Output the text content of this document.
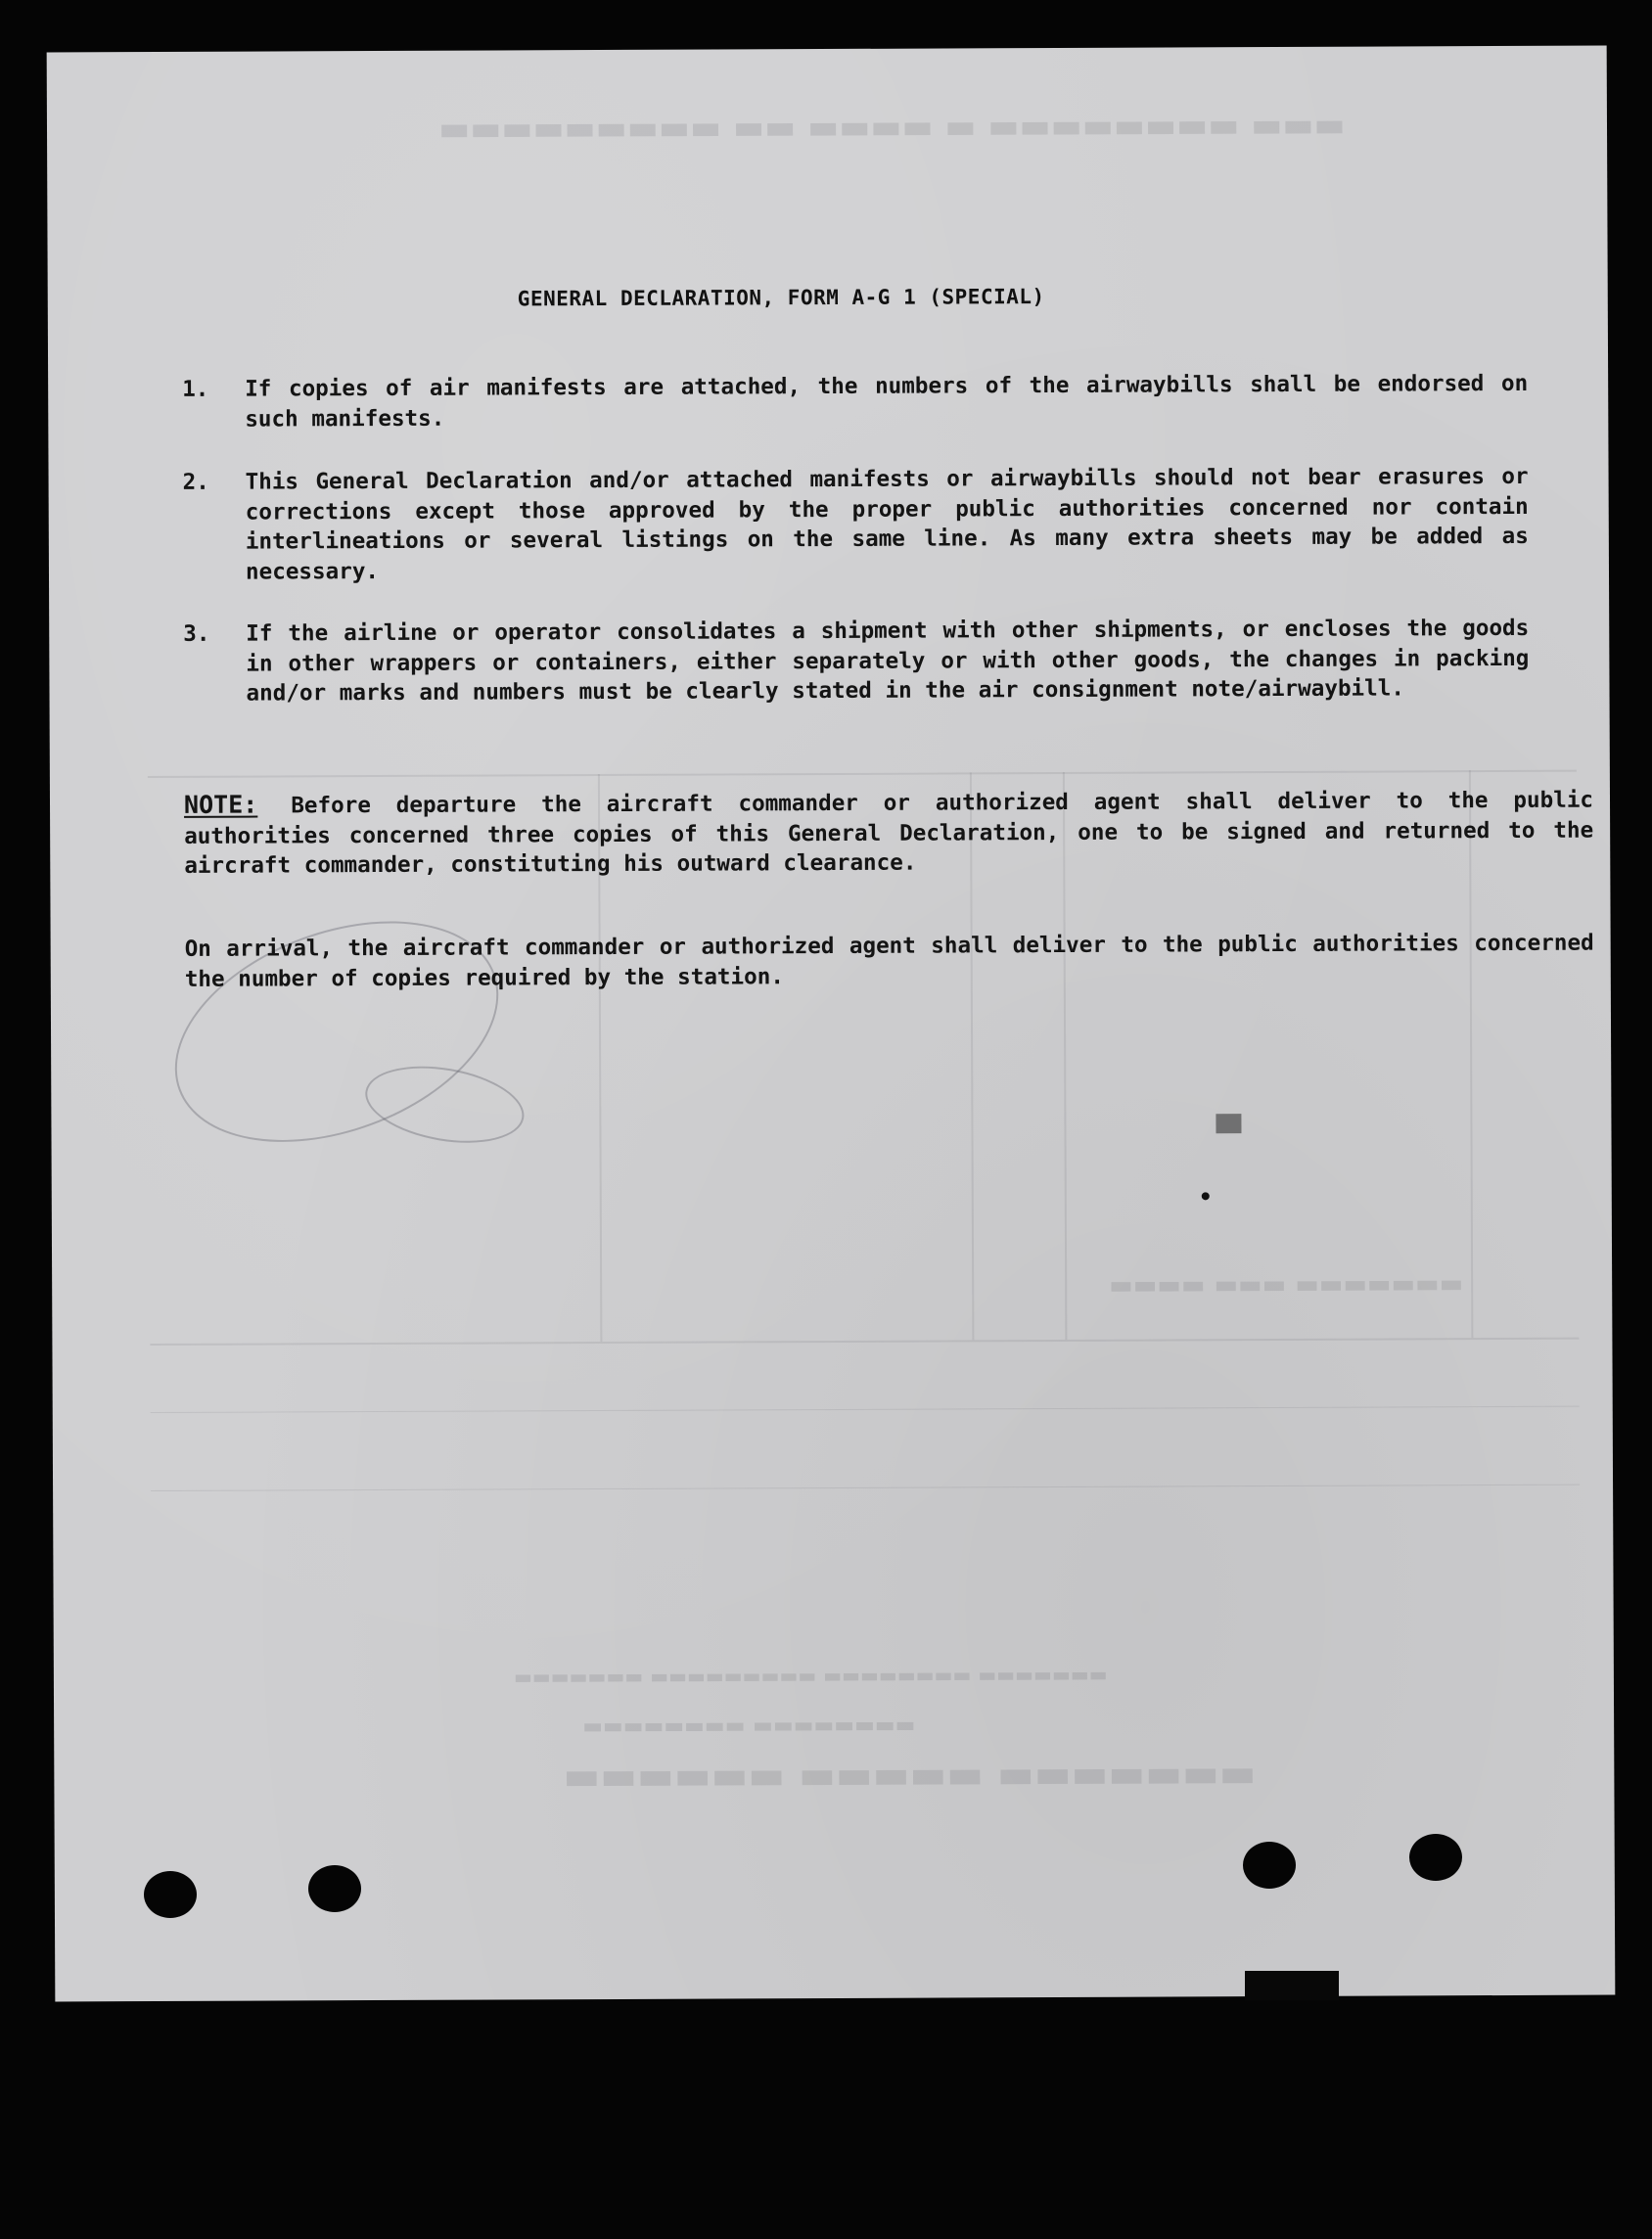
▬▬▬ ▬▬▬▬▬▬▬▬ ▬ ▬▬▬▬ ▬▬ ▬▬▬▬▬▬▬▬▬
▬▬▬▬▬▬▬ ▬▬▬▬▬ ▬▬▬▬▬▬
▬▬▬▬▬▬▬▬ ▬▬▬▬▬▬▬▬
▬▬▬▬▬▬▬ ▬▬▬▬▬▬▬▬ ▬▬▬▬▬▬▬▬▬ ▬▬▬▬▬▬▬
▬▬▬▬▬▬▬ ▬▬▬ ▬▬▬▬
GENERAL DECLARATION, FORM A-G 1 (SPECIAL)
1.	If copies of air manifests are attached, the numbers of the airwaybills shall be endorsed on such manifests.
2.	This General Declaration and/or attached manifests or airwaybills should not bear erasures or corrections except those approved by the proper public authorities concerned nor contain interlineations or several listings on the same line. As many extra sheets may be added as necessary.
3.	If the airline or operator consolidates a shipment with other shipments, or encloses the goods in other wrappers or containers, either separately or with other goods, the changes in packing and/or marks and numbers must be clearly stated in the air consignment note/airwaybill.
NOTE: Before departure the aircraft commander or authorized agent shall deliver to the public authorities concerned three copies of this General Declaration, one to be signed and returned to the aircraft commander, constituting his outward clearance.
On arrival, the aircraft commander or authorized agent shall deliver to the public authorities concerned the number of copies required by the station.
